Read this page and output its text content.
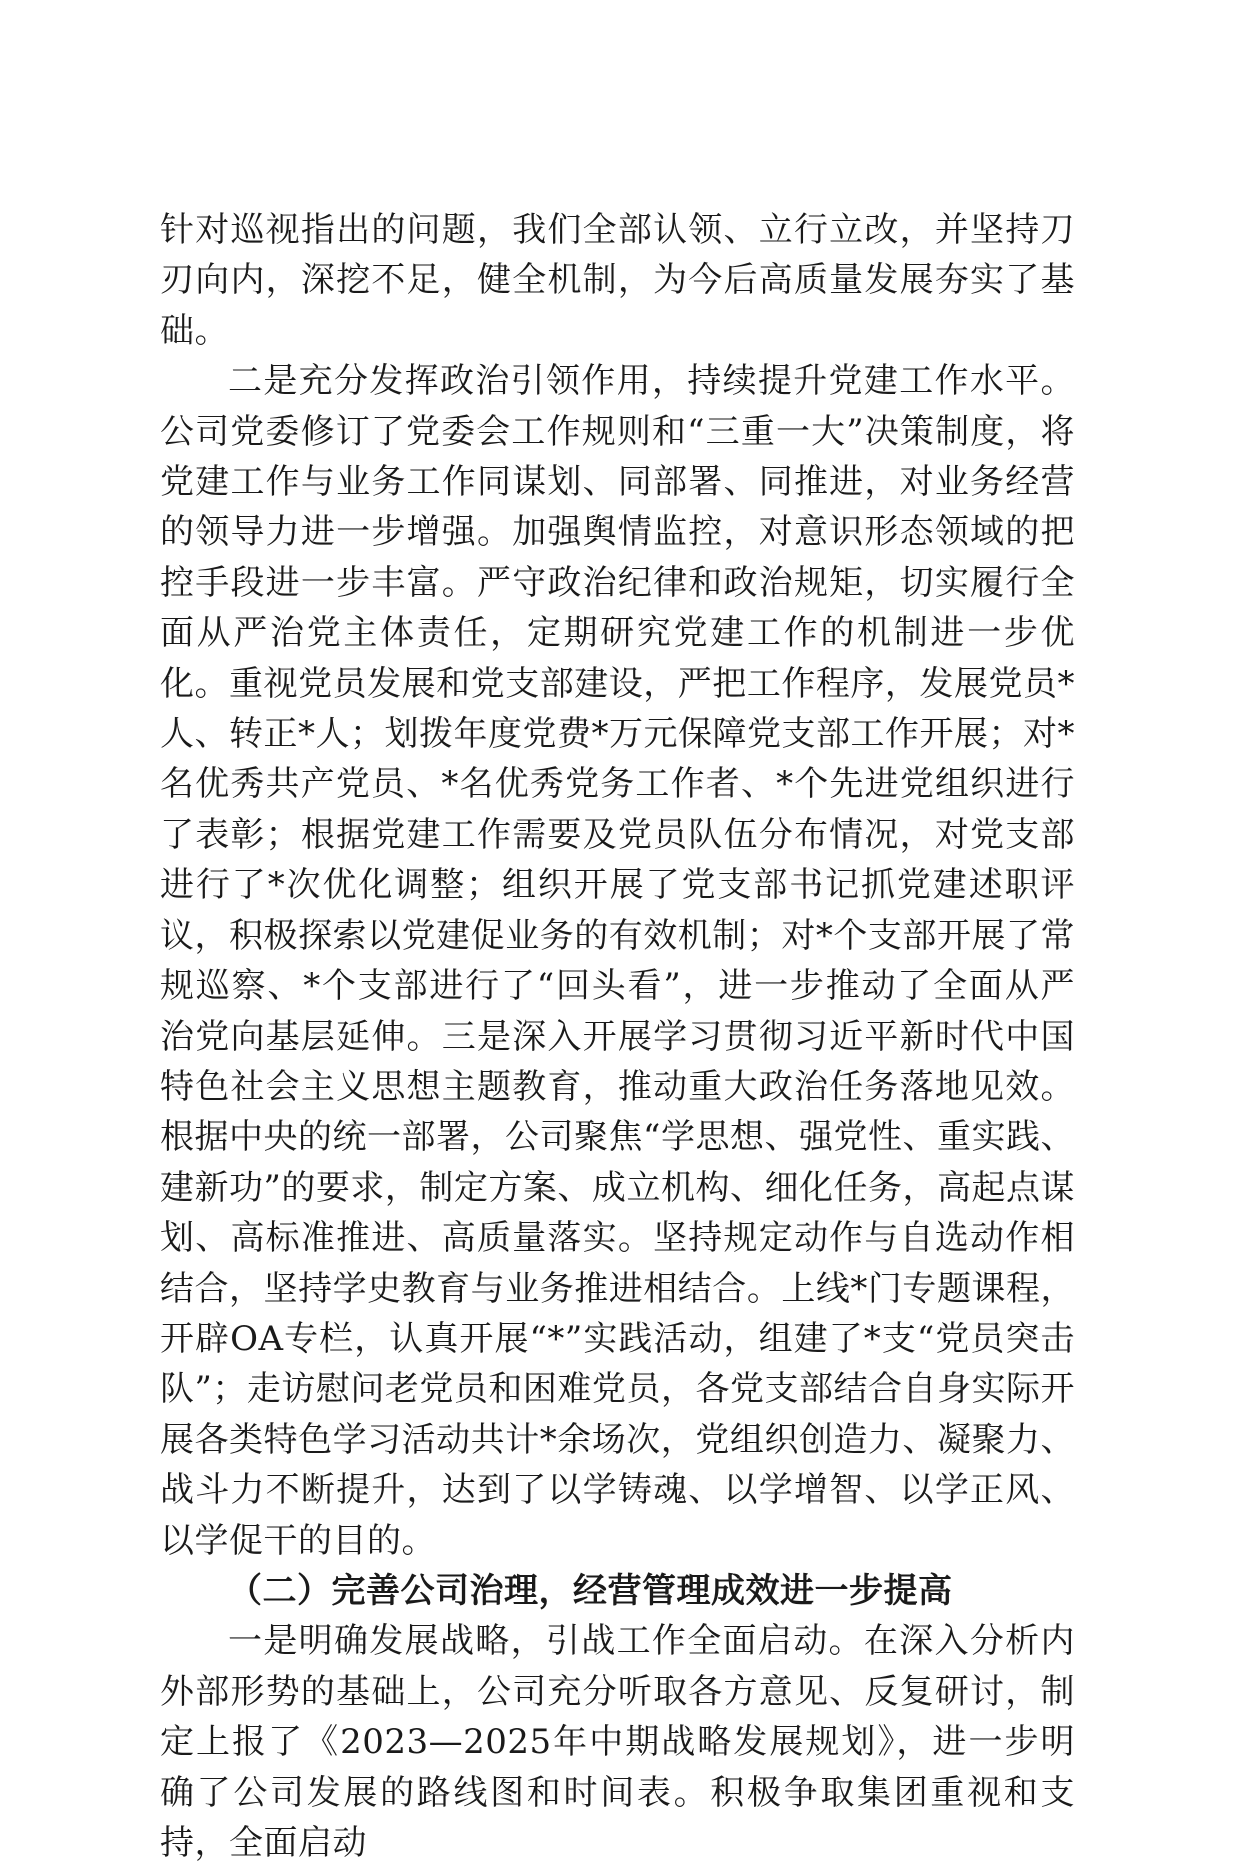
针对巡视指出的问题，我们全部认领、立行立改，并坚持刀刃向内，深挖不足，健全机制，为今后高质量发展夯实了基础。

二是充分发挥政治引领作用，持续提升党建工作水平。公司党委修订了党委会工作规则和“三重一大”决策制度，将党建工作与业务工作同谋划、同部署、同推进，对业务经营的领导力进一步增强。加强舆情监控，对意识形态领域的把控手段进一步丰富。严守政治纪律和政治规矩，切实履行全面从严治党主体责任，定期研究党建工作的机制进一步优化。重视党员发展和党支部建设，严把工作程序，发展党员*人、转正*人；划拨年度党费*万元保障党支部工作开展；对*名优秀共产党员、*名优秀党务工作者、*个先进党组织进行了表彰；根据党建工作需要及党员队伍分布情况，对党支部进行了*次优化调整；组织开展了党支部书记抓党建述职评议，积极探索以党建促业务的有效机制；对*个支部开展了常规巡察、*个支部进行了“回头看”，进一步推动了全面从严治党向基层延伸。三是深入开展学习贯彻习近平新时代中国特色社会主义思想主题教育，推动重大政治任务落地见效。根据中央的统一部署，公司聚焦“学思想、强党性、重实践、建新功”的要求，制定方案、成立机构、细化任务，高起点谋划、高标准推进、高质量落实。坚持规定动作与自选动作相结合，坚持学史教育与业务推进相结合。上线*门专题课程，开辟OA专栏，认真开展“*”实践活动，组建了*支“党员突击队”；走访慰问老党员和困难党员，各党支部结合自身实际开展各类特色学习活动共计*余场次，党组织创造力、凝聚力、战斗力不断提升，达到了以学铸魂、以学增智、以学正风、以学促干的目的。

（二）完善公司治理，经营管理成效进一步提高

一是明确发展战略，引战工作全面启动。在深入分析内外部形势的基础上，公司充分听取各方意见、反复研讨，制定上报了《2023—2025年中期战略发展规划》，进一步明确了公司发展的路线图和时间表。积极争取集团重视和支持，全面启动
